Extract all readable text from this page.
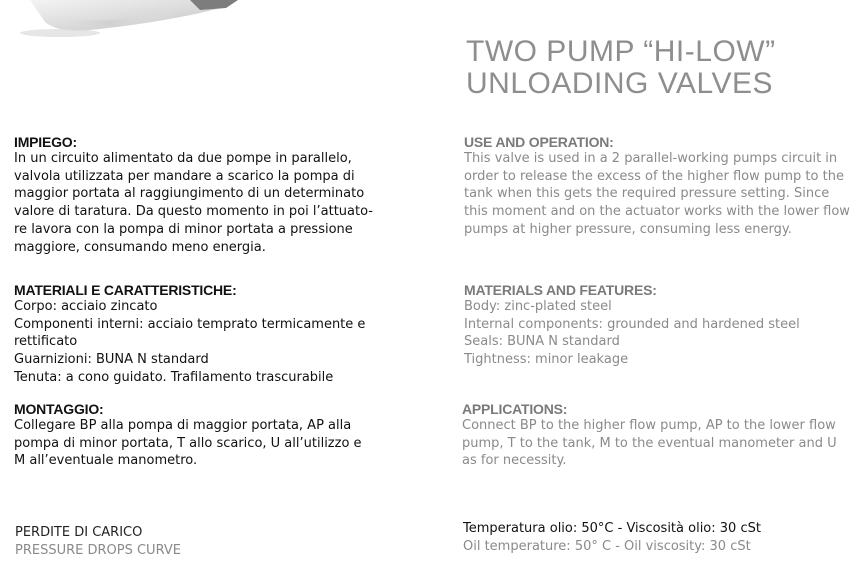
TWO PUMP “HI-LOW”
UNLOADING VALVES
IMPIEGO:
In un circuito alimentato da due pompe in parallelo,
valvola utilizzata per mandare a scarico la pompa di
maggior portata al raggiungimento di un determinato
valore di taratura. Da questo momento in poi l’attuato-
re lavora con la pompa di minor portata a pressione
maggiore, consumando meno energia.
MATERIALI E CARATTERISTICHE:
Corpo: acciaio zincato
Componenti interni: acciaio temprato termicamente e
rettificato
Guarnizioni: BUNA N standard
Tenuta: a cono guidato. Trafilamento trascurabile
MONTAGGIO:
Collegare BP alla pompa di maggior portata, AP alla
pompa di minor portata, T allo scarico, U all’utilizzo e
M all’eventuale manometro.
USE AND OPERATION:
This valve is used in a 2 parallel-working pumps circuit in
order to release the excess of the higher flow pump to the
tank when this gets the required pressure setting. Since
this moment and on the actuator works with the lower flow
pumps at higher pressure, consuming less energy.
MATERIALS AND FEATURES:
Body: zinc-plated steel
Internal components: grounded and hardened steel
Seals: BUNA N standard
Tightness: minor leakage
APPLICATIONS:
Connect BP to the higher flow pump, AP to the lower flow
pump, T to the tank, M to the eventual manometer and U
as for necessity.
PERDITE DI CARICO
PRESSURE DROPS CURVE
Temperatura olio: 50°C - Viscosità olio: 30 cSt
Oil temperature: 50° C - Oil viscosity: 30 cSt
